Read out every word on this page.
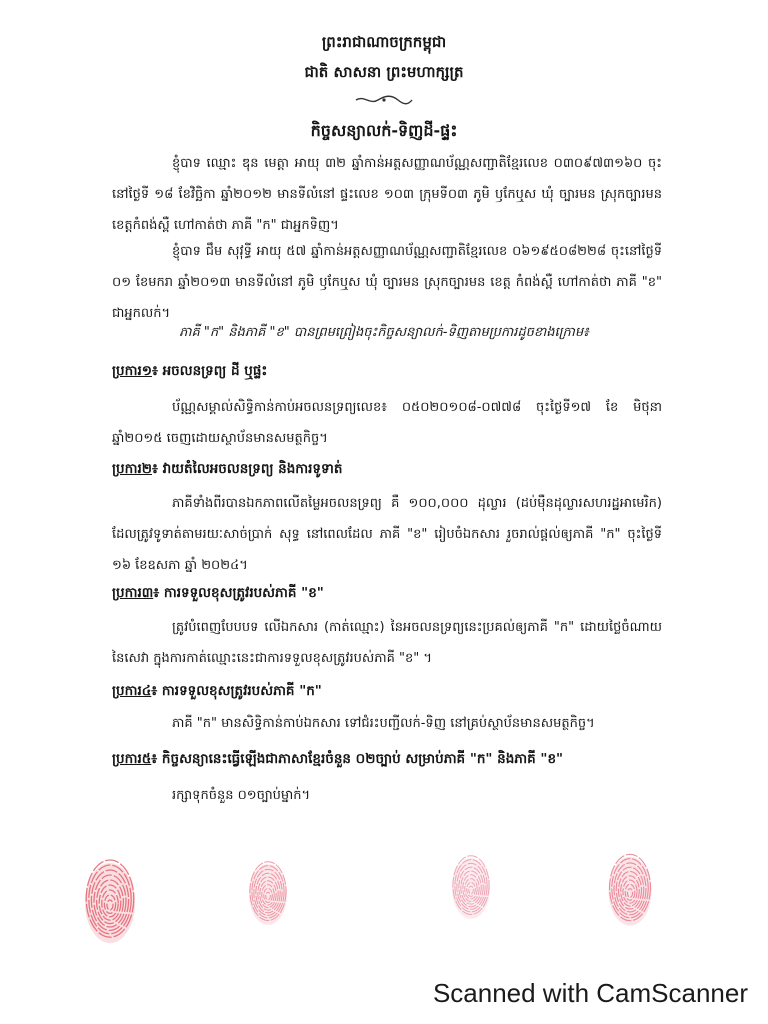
ព្រះរាជាណាចក្រកម្ពុជា
ជាតិ សាសនា ព្រះមហាក្សត្រ
កិច្ចសន្យាលក់-ទិញដី-ផ្ទះ

ខ្ញុំបាទ ឈ្មោះ ឌុន មេត្តា អាយុ ៣២ ឆ្នាំកាន់អត្តសញ្ញាណប័ណ្ណសញ្ជាតិខ្មែរលេខ ០៣០៩៧៣១៦០ ចុះនៅថ្ងៃទី ១៨ ខែវិច្ឆិកា ឆ្នាំ២០១២ មានទីលំនៅ ផ្ទះលេខ ១០៣ ក្រុមទី០៣ ភូមិ ឫកែឬស ឃុំ ច្បារមន ស្រុកច្បារមន ខេត្តកំពង់ស្ពឺ ហៅកាត់ថា ភាគី "ក" ជាអ្នកទិញ។

ខ្ញុំបាទ ជឹម សុវុទ្ធី អាយុ ៥៧ ឆ្នាំកាន់អត្តសញ្ញាណប័ណ្ណសញ្ជាតិខ្មែរលេខ ០៦១៩៥០៨២២៨ ចុះនៅថ្ងៃទី ០១ ខែមករា ឆ្នាំ២០១៣ មានទីលំនៅ ភូមិ ឫកែឬស ឃុំ ច្បារមន ស្រុកច្បារមន ខេត្ត កំពង់ស្ពឺ ហៅកាត់ថា ភាគី "ខ" ជាអ្នកលក់។

ភាគី "ក" និងភាគី "ខ" បានព្រមព្រៀងចុះកិច្ចសន្យាលក់-ទិញតាមប្រការដូចខាងក្រោម៖
ប្រការ១៖ អចលនទ្រព្យ ដី ឬផ្ទះ

ប័ណ្ណសម្គាល់សិទ្ធិកាន់កាប់អចលនទ្រព្យលេខ៖ ០៥០២០១០៨-០៧៧៨ ចុះថ្ងៃទី១៧ ខែ មិថុនា ឆ្នាំ២០១៥ ចេញដោយស្ថាប័នមានសមត្ថកិច្ច។

ប្រការ២៖ វាយតំលៃអចលនទ្រព្យ និងការទូទាត់

ភាគីទាំងពីរបានឯកភាពលើតម្លៃអចលនទ្រព្យ គឺ ១០០,០០០ ដុល្លារ (ដប់ម៉ឺនដុល្លារសហរដ្ឋអាមេរិក) ដែលត្រូវទូទាត់តាមរយៈសាច់ប្រាក់ សុទ្ធ នៅពេលដែល ភាគី "ខ" រៀបចំឯកសារ រួចរាល់ផ្តល់ឲ្យភាគី "ក" ចុះថ្ងៃទី ១៦ ខែឧសភា ឆ្នាំ ២០២៤។

ប្រការ៣៖ ការទទួលខុសត្រូវរបស់ភាគី "ខ"

ត្រូវបំពេញបែបបទ លើឯកសារ (កាត់ឈ្មោះ) នៃអចលនទ្រព្យនេះប្រគល់ឲ្យភាគី "ក" ដោយថ្លៃចំណាយ នៃសេវា ក្នុងការកាត់ឈ្មោះនេះជាការទទួលខុសត្រូវរបស់ភាគី "ខ" ។

ប្រការ៤៖ ការទទួលខុសត្រូវរបស់ភាគី "ក"

ភាគី "ក" មានសិទ្ធិកាន់កាប់ឯកសារ ទៅជំរះបញ្ជីលក់-ទិញ នៅគ្រប់ស្ថាប័នមានសមត្ថកិច្ច។

ប្រការ៥៖ កិច្ចសន្យានេះធ្វើឡើងជាភាសាខ្មែរចំនួន ០២ច្បាប់ សម្រាប់ភាគី "ក" និងភាគី "ខ"

រក្សាទុកចំនួន ០១ច្បាប់ម្នាក់។

Scanned with CamScanner
